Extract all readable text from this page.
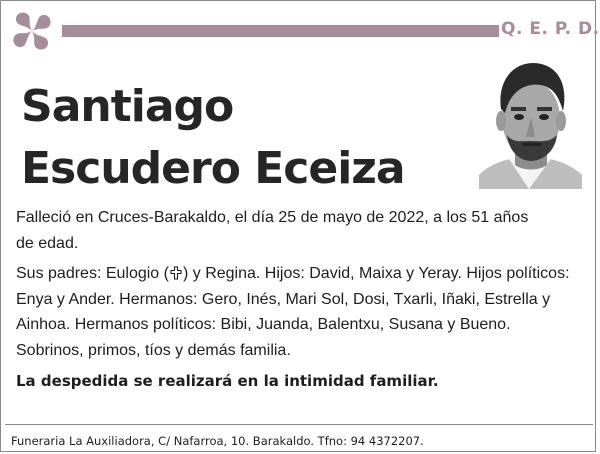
Q. E. P. D.
Santiago
Escudero Eceiza
Falleció en Cruces-Barakaldo, el día 25 de mayo de 2022, a los 51 años de edad.
Sus padres: Eulogio ( ) y Regina. Hijos: David, Maixa y Yeray. Hijos políticos: Enya y Ander. Hermanos: Gero, Inés, Mari Sol, Dosi, Txarli, Iñaki, Estrella y Ainhoa. Hermanos políticos: Bibi, Juanda, Balentxu, Susana y Bueno. Sobrinos, primos, tíos y demás familia.
La despedida se realizará en la intimidad familiar.
Funeraria La Auxiliadora, C/ Nafarroa, 10. Barakaldo. Tfno: 94 4372207.
